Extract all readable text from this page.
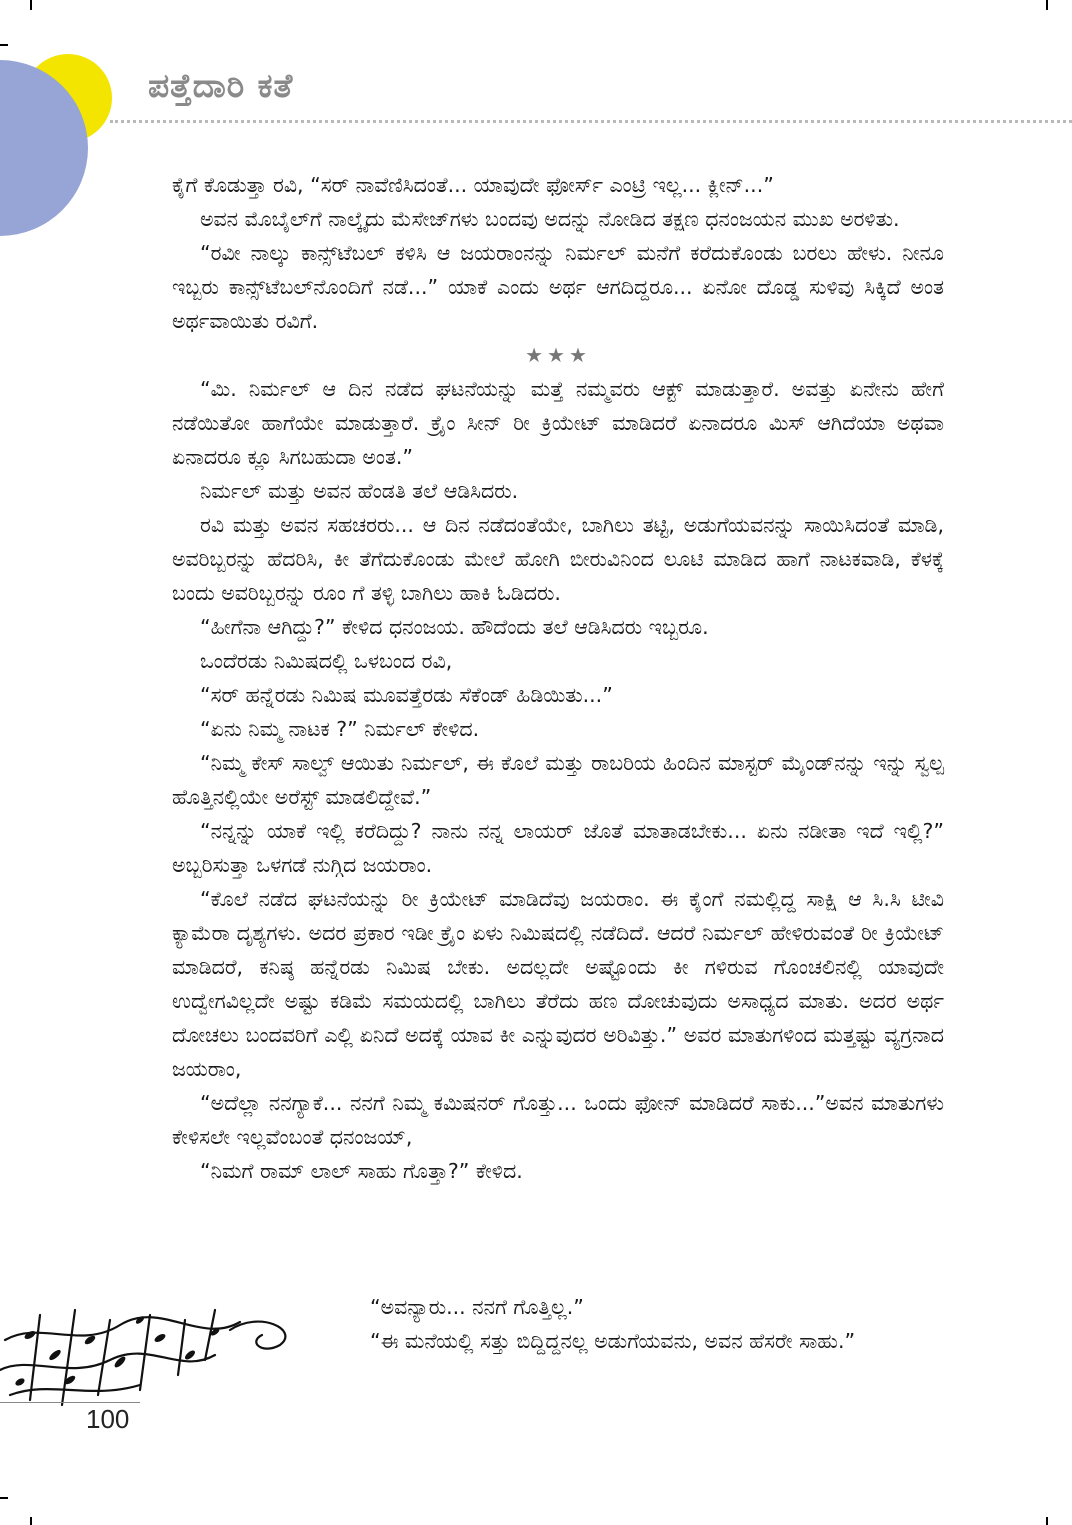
ಪತ್ತೆದಾರಿ ಕತೆ

ಕೈಗೆ ಕೊಡುತ್ತಾ ರವಿ, “ಸರ್ ನಾವೆಣಿಸಿದಂತೆ... ಯಾವುದೇ ಫೋರ್ಸ್ ಎಂಟ್ರಿ ಇಲ್ಲ... ಕ್ಲೀನ್...”

ಅವನ ಮೊಬೈಲ್‌ಗೆ ನಾಲ್ಕೈದು ಮೆಸೇಜ್‌ಗಳು ಬಂದವು ಅದನ್ನು ನೋಡಿದ ತಕ್ಷಣ ಧನಂಜಯನ ಮುಖ ಅರಳಿತು.

“ರವೀ ನಾಲ್ಕು ಕಾನ್ಸ್‌ಟೆಬಲ್ ಕಳಿಸಿ ಆ ಜಯರಾಂನನ್ನು ನಿರ್ಮಲ್ ಮನೆಗೆ ಕರೆದುಕೊಂಡು ಬರಲು ಹೇಳು. ನೀನೂ ಇಬ್ಬರು ಕಾನ್ಸ್‌ಟೆಬಲ್‌ನೊಂದಿಗೆ ನಡೆ...” ಯಾಕೆ ಎಂದು ಅರ್ಥ ಆಗದಿದ್ದರೂ... ಏನೋ ದೊಡ್ಡ ಸುಳಿವು ಸಿಕ್ಕಿದೆ ಅಂತ ಅರ್ಥವಾಯಿತು ರವಿಗೆ.

★★★

“ಮಿ. ನಿರ್ಮಲ್ ಆ ದಿನ ನಡೆದ ಘಟನೆಯನ್ನು ಮತ್ತೆ ನಮ್ಮವರು ಆಕ್ಟ್ ಮಾಡುತ್ತಾರೆ. ಅವತ್ತು ಏನೇನು ಹೇಗೆ ನಡೆಯಿತೋ ಹಾಗೆಯೇ ಮಾಡುತ್ತಾರೆ. ಕ್ರೈಂ ಸೀನ್ ರೀ ಕ್ರಿಯೇಟ್ ಮಾಡಿದರೆ ಏನಾದರೂ ಮಿಸ್ ಆಗಿದೆಯಾ ಅಥವಾ ಏನಾದರೂ ಕ್ಲೂ ಸಿಗಬಹುದಾ ಅಂತ.”

ನಿರ್ಮಲ್ ಮತ್ತು ಅವನ ಹೆಂಡತಿ ತಲೆ ಆಡಿಸಿದರು.

ರವಿ ಮತ್ತು ಅವನ ಸಹಚರರು... ಆ ದಿನ ನಡೆದಂತೆಯೇ, ಬಾಗಿಲು ತಟ್ಟಿ, ಅಡುಗೆಯವನನ್ನು ಸಾಯಿಸಿದಂತೆ ಮಾಡಿ, ಅವರಿಬ್ಬರನ್ನು ಹೆದರಿಸಿ, ಕೀ ತೆಗೆದುಕೊಂಡು ಮೇಲೆ ಹೋಗಿ ಬೀರುವಿನಿಂದ ಲೂಟಿ ಮಾಡಿದ ಹಾಗೆ ನಾಟಕವಾಡಿ, ಕೆಳಕ್ಕೆ ಬಂದು ಅವರಿಬ್ಬರನ್ನು ರೂಂ ಗೆ ತಳ್ಳಿ ಬಾಗಿಲು ಹಾಕಿ ಓಡಿದರು.

“ಹೀಗೆನಾ ಆಗಿದ್ದು?” ಕೇಳಿದ ಧನಂಜಯ. ಹೌದೆಂದು ತಲೆ ಆಡಿಸಿದರು ಇಬ್ಬರೂ.

ಒಂದೆರಡು ನಿಮಿಷದಲ್ಲಿ ಒಳಬಂದ ರವಿ,

“ಸರ್ ಹನ್ನೆರಡು ನಿಮಿಷ ಮೂವತ್ತೆರಡು ಸೆಕೆಂಡ್ ಹಿಡಿಯಿತು...”

“ಏನು ನಿಮ್ಮ ನಾಟಕ ?” ನಿರ್ಮಲ್ ಕೇಳಿದ.

“ನಿಮ್ಮ ಕೇಸ್ ಸಾಲ್ವ್ ಆಯಿತು ನಿರ್ಮಲ್, ಈ ಕೊಲೆ ಮತ್ತು ರಾಬರಿಯ ಹಿಂದಿನ ಮಾಸ್ಟರ್ ಮೈಂಡ್‌ನನ್ನು ಇನ್ನು ಸ್ವಲ್ಪ ಹೊತ್ತಿನಲ್ಲಿಯೇ ಅರೆಸ್ಟ್ ಮಾಡಲಿದ್ದೇವೆ.”

“ನನ್ನನ್ನು ಯಾಕೆ ಇಲ್ಲಿ ಕರೆದಿದ್ದು? ನಾನು ನನ್ನ ಲಾಯರ್ ಜೊತೆ ಮಾತಾಡಬೇಕು... ಏನು ನಡೀತಾ ಇದೆ ಇಲ್ಲಿ?” ಅಬ್ಬರಿಸುತ್ತಾ ಒಳಗಡೆ ನುಗ್ಗಿದ ಜಯರಾಂ.

“ಕೊಲೆ ನಡೆದ ಘಟನೆಯನ್ನು ರೀ ಕ್ರಿಯೇಟ್ ಮಾಡಿದೆವು ಜಯರಾಂ. ಈ ಕೈಂಗೆ ನಮಲ್ಲಿದ್ದ ಸಾಕ್ಷಿ ಆ ಸಿ.ಸಿ ಟೀವಿ ಕ್ಯಾಮೆರಾ ದೃಶ್ಯಗಳು. ಅದರ ಪ್ರಕಾರ ಇಡೀ ಕ್ರೈಂ ಏಳು ನಿಮಿಷದಲ್ಲಿ ನಡೆದಿದೆ. ಆದರೆ ನಿರ್ಮಲ್ ಹೇಳಿರುವಂತೆ ರೀ ಕ್ರಿಯೇಟ್ ಮಾಡಿದರೆ, ಕನಿಷ್ಠ ಹನ್ನೆರಡು ನಿಮಿಷ ಬೇಕು. ಅದಲ್ಲದೇ ಅಷ್ಟೊಂದು ಕೀ ಗಳಿರುವ ಗೊಂಚಲಿನಲ್ಲಿ ಯಾವುದೇ ಉದ್ವೇಗವಿಲ್ಲದೇ ಅಷ್ಟು ಕಡಿಮೆ ಸಮಯದಲ್ಲಿ ಬಾಗಿಲು ತೆರೆದು ಹಣ ದೋಚುವುದು ಅಸಾಧ್ಯದ ಮಾತು. ಅದರ ಅರ್ಥ ದೋಚಲು ಬಂದವರಿಗೆ ಎಲ್ಲಿ ಏನಿದೆ ಅದಕ್ಕೆ ಯಾವ ಕೀ ಎನ್ನುವುದರ ಅರಿವಿತ್ತು.” ಅವರ ಮಾತುಗಳಿಂದ ಮತ್ತಷ್ಟು ವ್ಯಗ್ರನಾದ ಜಯರಾಂ,

“ಅದೆಲ್ಲಾ ನನಗ್ಯಾಕೆ... ನನಗೆ ನಿಮ್ಮ ಕಮಿಷನರ್ ಗೊತ್ತು... ಒಂದು ಫೋನ್ ಮಾಡಿದರೆ ಸಾಕು...”ಅವನ ಮಾತುಗಳು ಕೇಳಿಸಲೇ ಇಲ್ಲವೆಂಬಂತೆ ಧನಂಜಯ್,

“ನಿಮಗೆ ರಾಮ್ ಲಾಲ್ ಸಾಹು ಗೊತ್ತಾ?” ಕೇಳಿದ.

“ಅವನ್ಯಾರು... ನನಗೆ ಗೊತ್ತಿಲ್ಲ.”

“ಈ ಮನೆಯಲ್ಲಿ ಸತ್ತು ಬಿದ್ದಿದ್ದನಲ್ಲ ಅಡುಗೆಯವನು, ಅವನ ಹೆಸರೇ ಸಾಹು.”

100
